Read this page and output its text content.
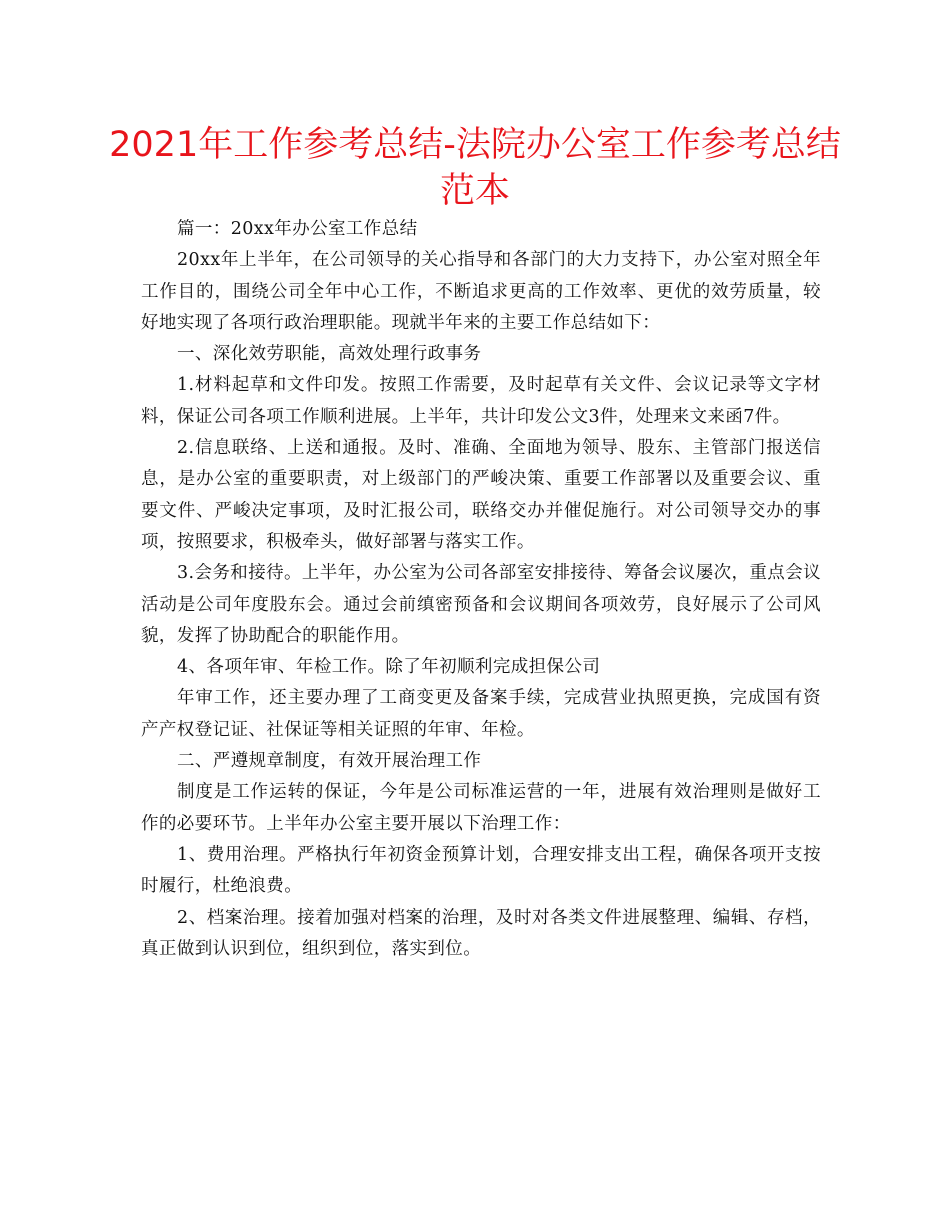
2021年工作参考总结-法院办公室工作参考总结
范本

篇一：20xx年办公室工作总结

20xx年上半年，在公司领导的关心指导和各部门的大力支持下，办公室对照全年工作目的，围绕公司全年中心工作，不断追求更高的工作效率、更优的效劳质量，较好地实现了各项行政治理职能。现就半年来的主要工作总结如下：

一、深化效劳职能，高效处理行政事务

1.材料起草和文件印发。按照工作需要，及时起草有关文件、会议记录等文字材料，保证公司各项工作顺利进展。上半年，共计印发公文3件，处理来文来函7件。

2.信息联络、上送和通报。及时、准确、全面地为领导、股东、主管部门报送信息，是办公室的重要职责，对上级部门的严峻决策、重要工作部署以及重要会议、重要文件、严峻决定事项，及时汇报公司，联络交办并催促施行。对公司领导交办的事项，按照要求，积极牵头，做好部署与落实工作。

3.会务和接待。上半年，办公室为公司各部室安排接待、筹备会议屡次，重点会议活动是公司年度股东会。通过会前缜密预备和会议期间各项效劳，良好展示了公司风貌，发挥了协助配合的职能作用。

4、各项年审、年检工作。除了年初顺利完成担保公司

年审工作，还主要办理了工商变更及备案手续，完成营业执照更换，完成国有资产产权登记证、社保证等相关证照的年审、年检。

二、严遵规章制度，有效开展治理工作

制度是工作运转的保证，今年是公司标准运营的一年，进展有效治理则是做好工作的必要环节。上半年办公室主要开展以下治理工作：

1、费用治理。严格执行年初资金预算计划，合理安排支出工程，确保各项开支按时履行，杜绝浪费。

2、档案治理。接着加强对档案的治理，及时对各类文件进展整理、编辑、存档，真正做到认识到位，组织到位，落实到位。
